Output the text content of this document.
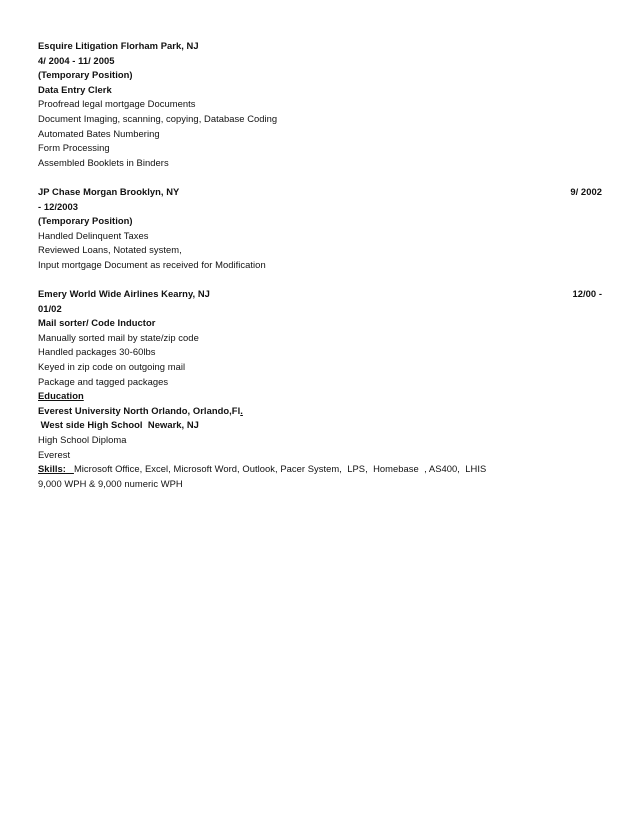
Esquire Litigation Florham Park, NJ
4/ 2004 - 11/ 2005
(Temporary Position)
Data Entry Clerk
Proofread legal mortgage Documents
Document Imaging, scanning, copying, Database Coding
Automated Bates Numbering
Form Processing
Assembled Booklets in Binders
JP Chase Morgan Brooklyn, NY	9/ 2002
- 12/2003
(Temporary Position)
Handled Delinquent Taxes
Reviewed Loans, Notated system,
Input mortgage Document as received for Modification
Emery World Wide Airlines Kearny, NJ	12/00 -
01/02
Mail sorter/ Code Inductor
Manually sorted mail by state/zip code
Handled packages 30-60lbs
Keyed in zip code on outgoing mail
Package and tagged packages
Education
Everest University North Orlando, Orlando,Fl.
West side High School  Newark, NJ
High School Diploma
Everest
Skills: Microsoft Office, Excel, Microsoft Word, Outlook, Pacer System,  LPS,  Homebase  , AS400,  LHIS
9,000 WPH & 9,000 numeric WPH
